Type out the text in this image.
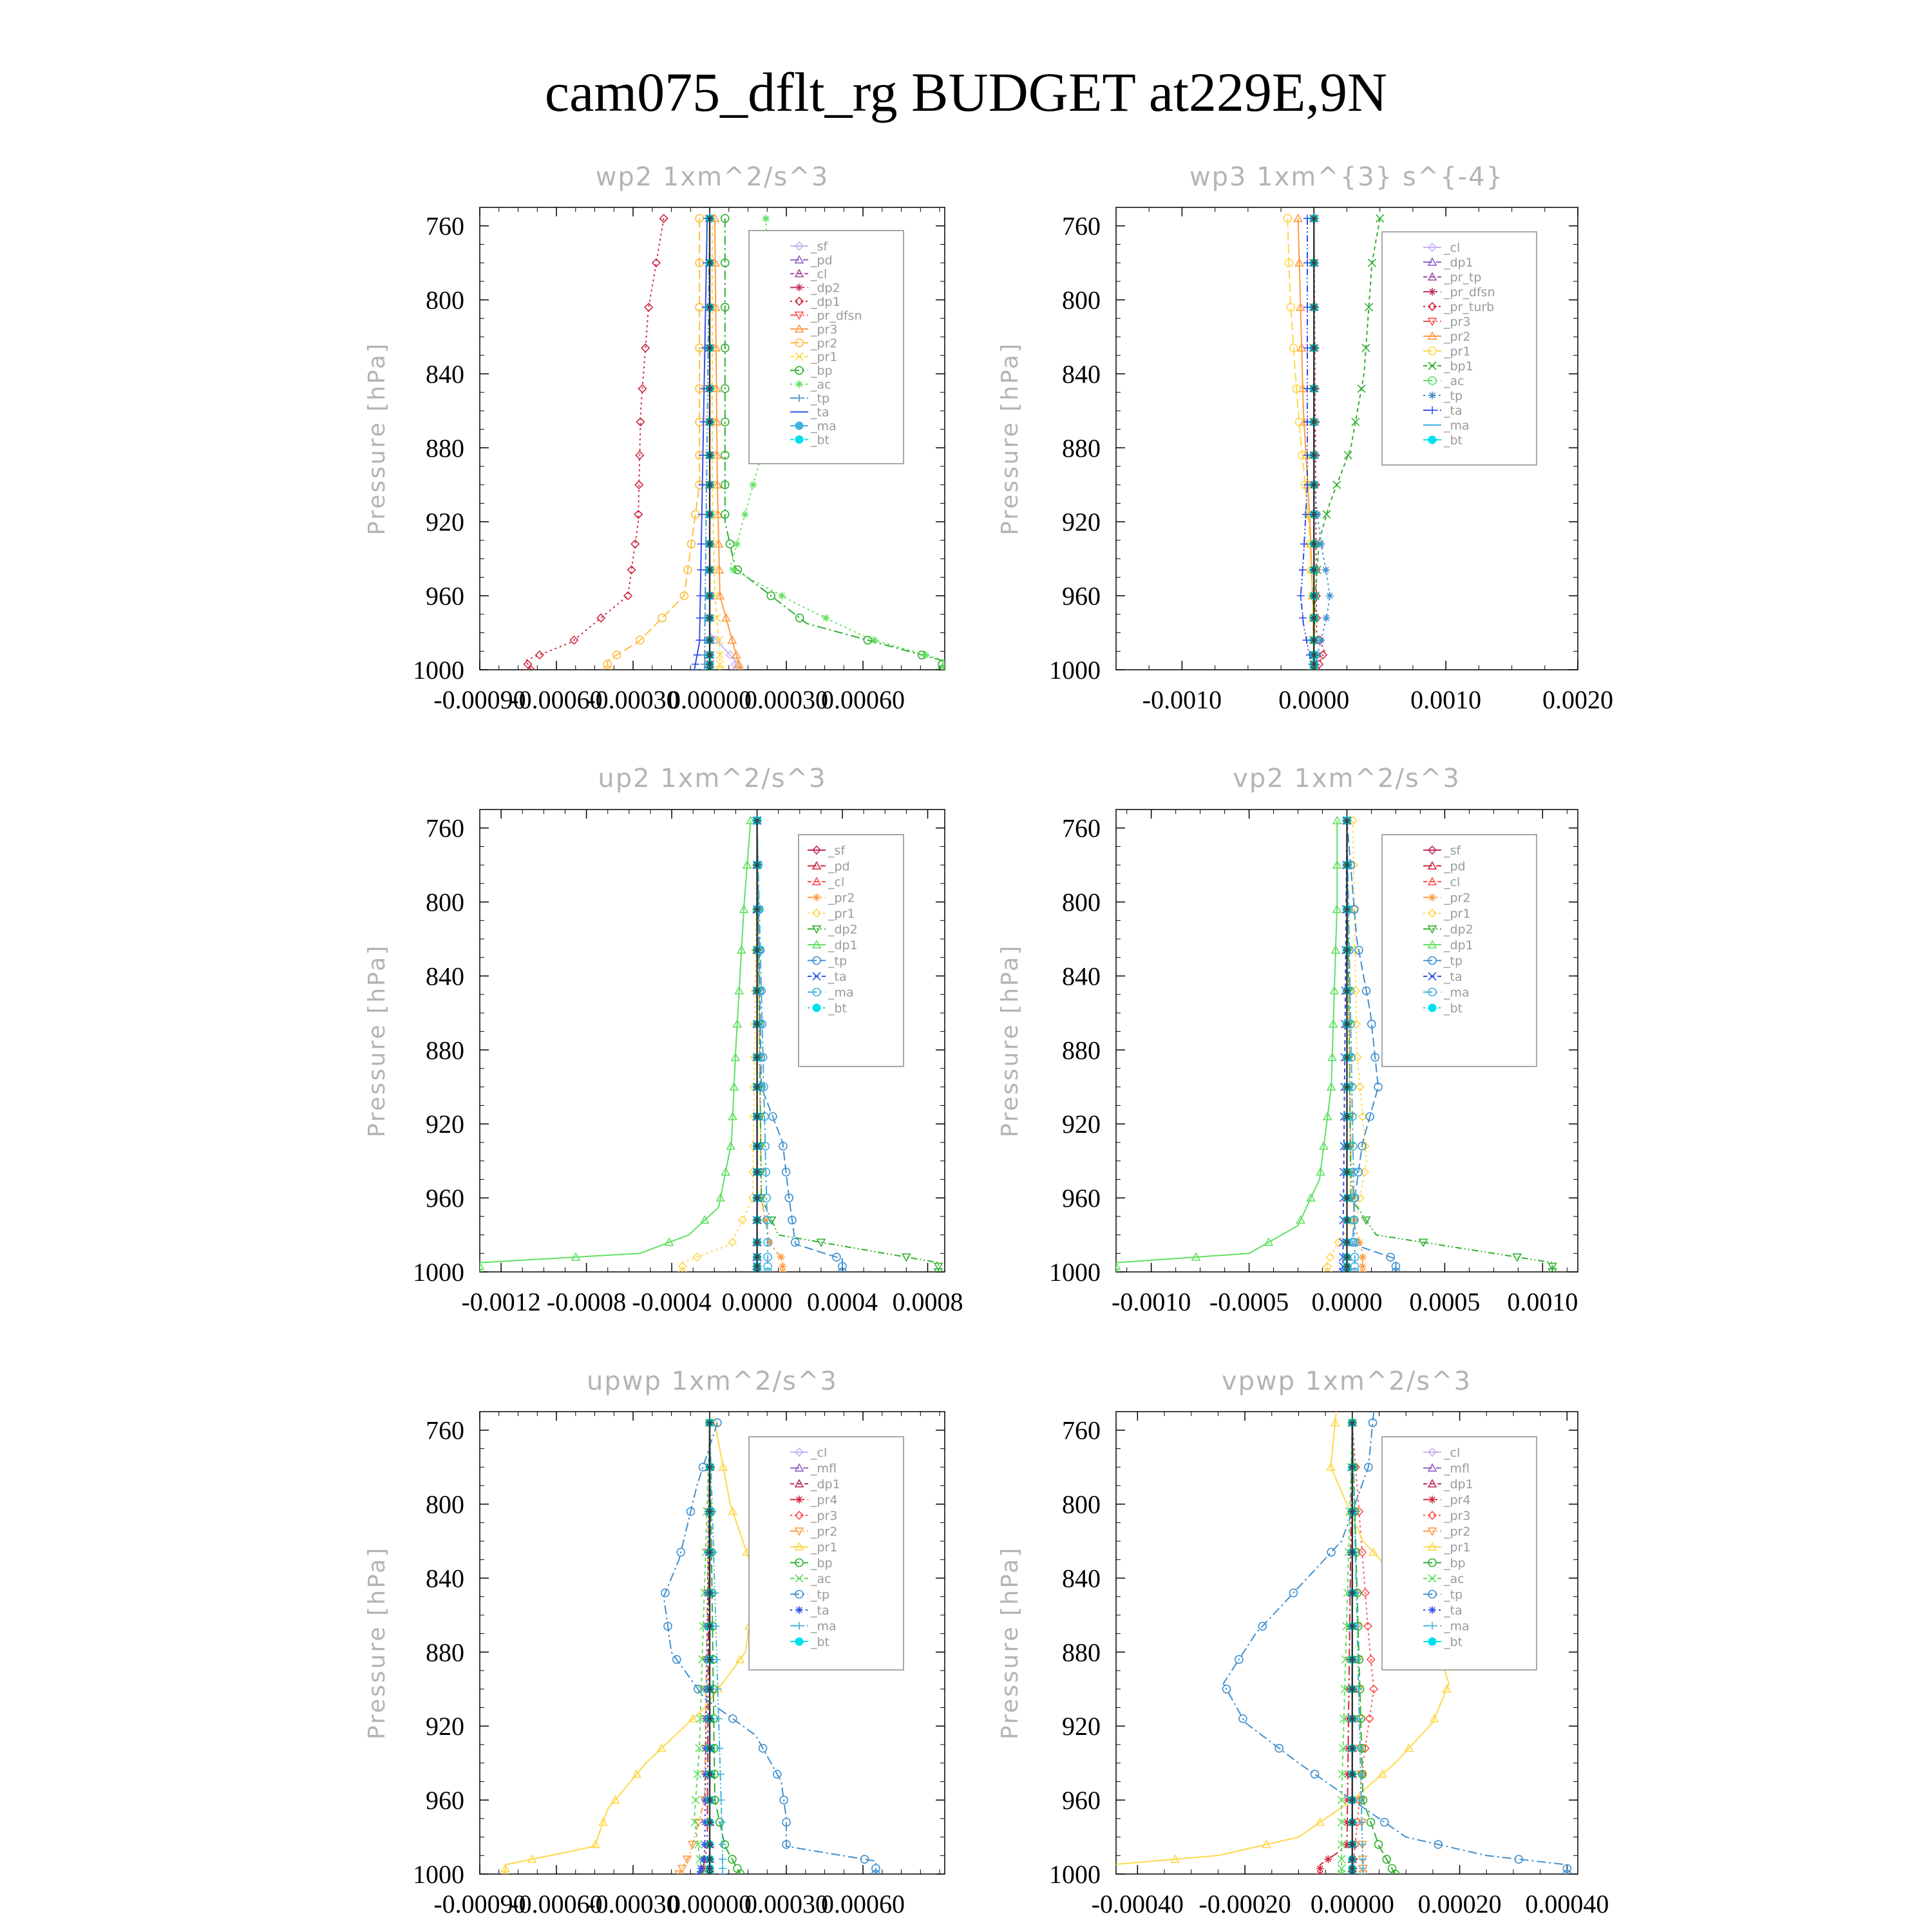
cam075_dflt_rg BUDGET at229E,9N
wp2 1xm^2/s^3
Pressure [hPa]
760
800
840
880
920
960
1000
-0.00090
-0.00060
-0.00030
0.00000
0.00030
0.00060
_sf
_pd
_cl
_dp2
_dp1
_pr_dfsn
_pr3
_pr2
_pr1
_bp
_ac
_tp
_ta
_ma
_bt
wp3 1xm^{3} s^{-4}
Pressure [hPa]
760
800
840
880
920
960
1000
-0.0010 0.0000 0.0010 0.0020
_cl
_dp1
_pr_tp
_pr_dfsn
_pr_turb
_pr3
_pr2
_pr1
_bp1
_ac
_tp
_ta
_ma
_bt
up2 1xm^2/s^3
Pressure [hPa]
760
800
840
880
920
960
1000
-0.0012 -0.0008 -0.0004 0.0000 0.0004 0.0008
_sf
_pd
_cl
_pr2
_pr1
_dp2
_dp1
_tp
_ta
_ma
_bt
vp2 1xm^2/s^3
Pressure [hPa]
760
800
840
880
920
960
1000
-0.0010 -0.0005 0.0000 0.0005 0.0010
_sf
_pd
_cl
_pr2
_pr1
_dp2
_dp1
_tp
_ta
_ma
_bt
upwp 1xm^2/s^3
Pressure [hPa]
760
800
840
880
920
960
1000
-0.00090
-0.00060
-0.00030
0.00000
0.00030
0.00060
_cl
_mfl
_dp1
_pr4
_pr3
_pr2
_pr1
_bp
_ac
_tp
_ta
_ma
_bt
vpwp 1xm^2/s^3
Pressure [hPa]
760
800
840
880
920
960
1000
-0.00040 -0.00020 0.00000 0.00020 0.00040
_cl
_mfl
_dp1
_pr4
_pr3
_pr2
_pr1
_bp
_ac
_tp
_ta
_ma
_bt
